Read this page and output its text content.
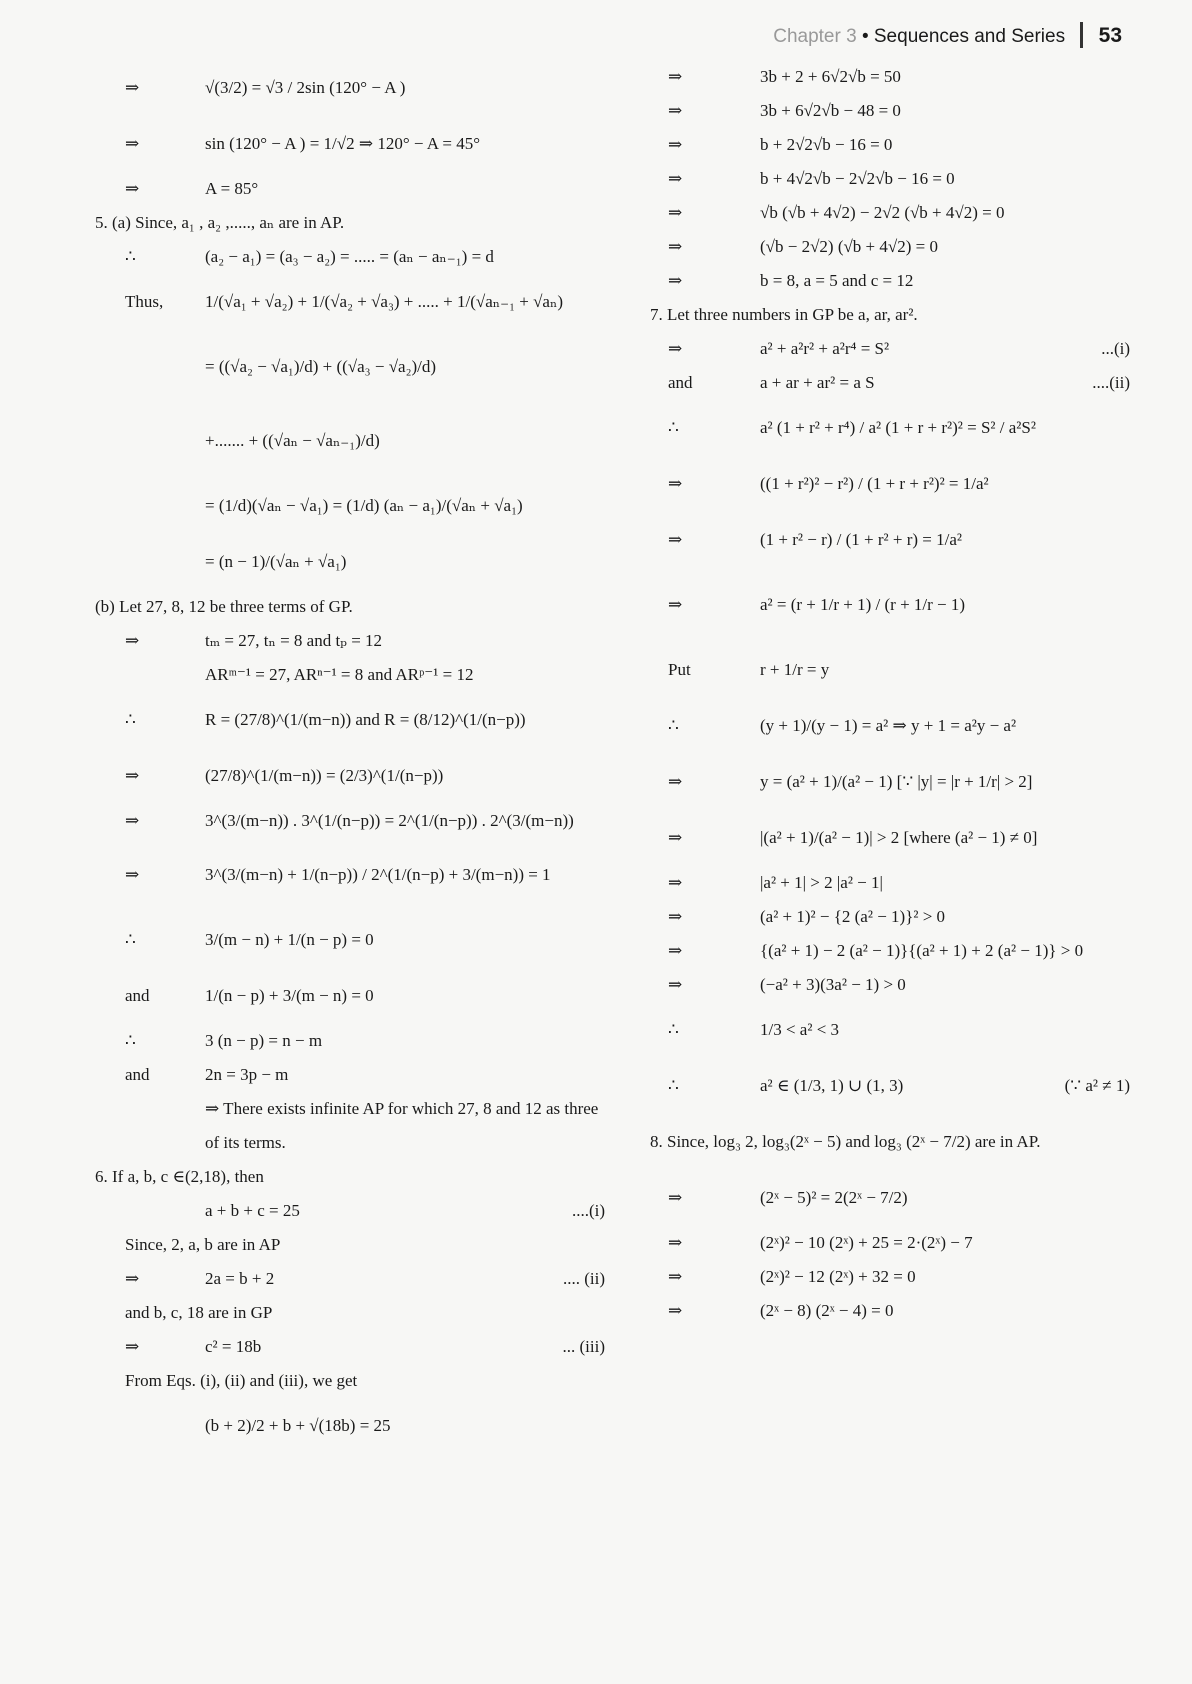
Chapter 3 • Sequences and Series 53
⇒	√(3/2) = √3 / 2sin (120° − A )
⇒	sin (120° − A ) = 1/√2 ⇒ 120° − A = 45°
⇒	A = 85°
5. (a) Since, a₁ , a₂ ,....., aₙ are in AP.
∴	(a₂ − a₁) = (a₃ − a₂) = ..... = (aₙ − aₙ₋₁) = d
Thus, 1/(√a₁ + √a₂) + 1/(√a₂ + √a₃) + ..... + 1/(√aₙ₋₁ + √aₙ)
= ((√a₂ − √a₁)/d) + ((√a₃ − √a₂)/d)
+....... + ((√aₙ − √aₙ₋₁)/d)
= (1/d)(√aₙ − √a₁) = (1/d) (aₙ − a₁)/(√aₙ + √a₁)
= (n − 1)/(√aₙ + √a₁)
(b) Let 27, 8, 12 be three terms of GP.
⇒	tₘ = 27, tₙ = 8 and tₚ = 12
ARᵐ⁻¹ = 27, ARⁿ⁻¹ = 8 and ARᵖ⁻¹ = 12
∴	R = (27/8)^(1/(m−n)) and R = (8/12)^(1/(n−p))
⇒	(27/8)^(1/(m−n)) = (2/3)^(1/(n−p))
⇒	3^(3/(m−n)) . 3^(1/(n−p)) = 2^(1/(n−p)) . 2^(3/(m−n))
⇒	3^(3/(m−n) + 1/(n−p)) / 2^(1/(n−p) + 3/(m−n)) = 1
∴	3/(m − n) + 1/(n − p) = 0
and	1/(n − p) + 3/(m − n) = 0
∴	3 (n − p) = n − m
and	2n = 3p − m
⇒ There exists infinite AP for which 27, 8 and 12 as three
of its terms.
6. If a, b, c ∈(2,18), then
a + b + c = 25	....(i)
Since, 2, a, b are in AP
⇒	2a = b + 2	.... (ii)
and b, c, 18 are in GP
⇒	c² = 18b	... (iii)
From Eqs. (i), (ii) and (iii), we get
(b + 2)/2 + b + √(18b) = 25
⇒	3b + 2 + 6√2√b = 50
⇒	3b + 6√2√b − 48 = 0
⇒	b + 2√2√b − 16 = 0
⇒	b + 4√2√b − 2√2√b − 16 = 0
⇒	√b (√b + 4√2) − 2√2 (√b + 4√2) = 0
⇒	(√b − 2√2) (√b + 4√2) = 0
⇒	b = 8, a = 5 and c = 12
7. Let three numbers in GP be a, ar, ar².
⇒	a² + a²r² + a²r⁴ = S²	...(i)
and	a + ar + ar² = a S	....(ii)
∴	a² (1 + r² + r⁴) / a² (1 + r + r²)² = S² / a²S²
⇒	((1 + r²)² − r²) / (1 + r + r²)² = 1/a²
⇒	(1 + r² − r) / (1 + r² + r) = 1/a²
⇒	a² = (r + 1/r + 1) / (r + 1/r − 1)
Put	r + 1/r = y
∴	(y + 1)/(y − 1) = a² ⇒ y + 1 = a²y − a²
⇒	y = (a² + 1)/(a² − 1) [∵ |y| = |r + 1/r| > 2]
⇒	|(a² + 1)/(a² − 1)| > 2 [where (a² − 1) ≠ 0]
⇒	|a² + 1| > 2 |a² − 1|
⇒	(a² + 1)² − {2 (a² − 1)}² > 0
⇒	{(a² + 1) − 2 (a² − 1)}{(a² + 1) + 2 (a² − 1)} > 0
⇒	(−a² + 3)(3a² − 1) > 0
∴	1/3 < a² < 3
∴	a² ∈ (1/3, 1) ∪ (1, 3)	(∵ a² ≠ 1)
8. Since, log₃ 2, log₃(2ˣ − 5) and log₃ (2ˣ − 7/2) are in AP.
⇒	(2ˣ − 5)² = 2(2ˣ − 7/2)
⇒	(2ˣ)² − 10 (2ˣ) + 25 = 2·(2ˣ) − 7
⇒	(2ˣ)² − 12 (2ˣ) + 32 = 0
⇒	(2ˣ − 8) (2ˣ − 4) = 0
